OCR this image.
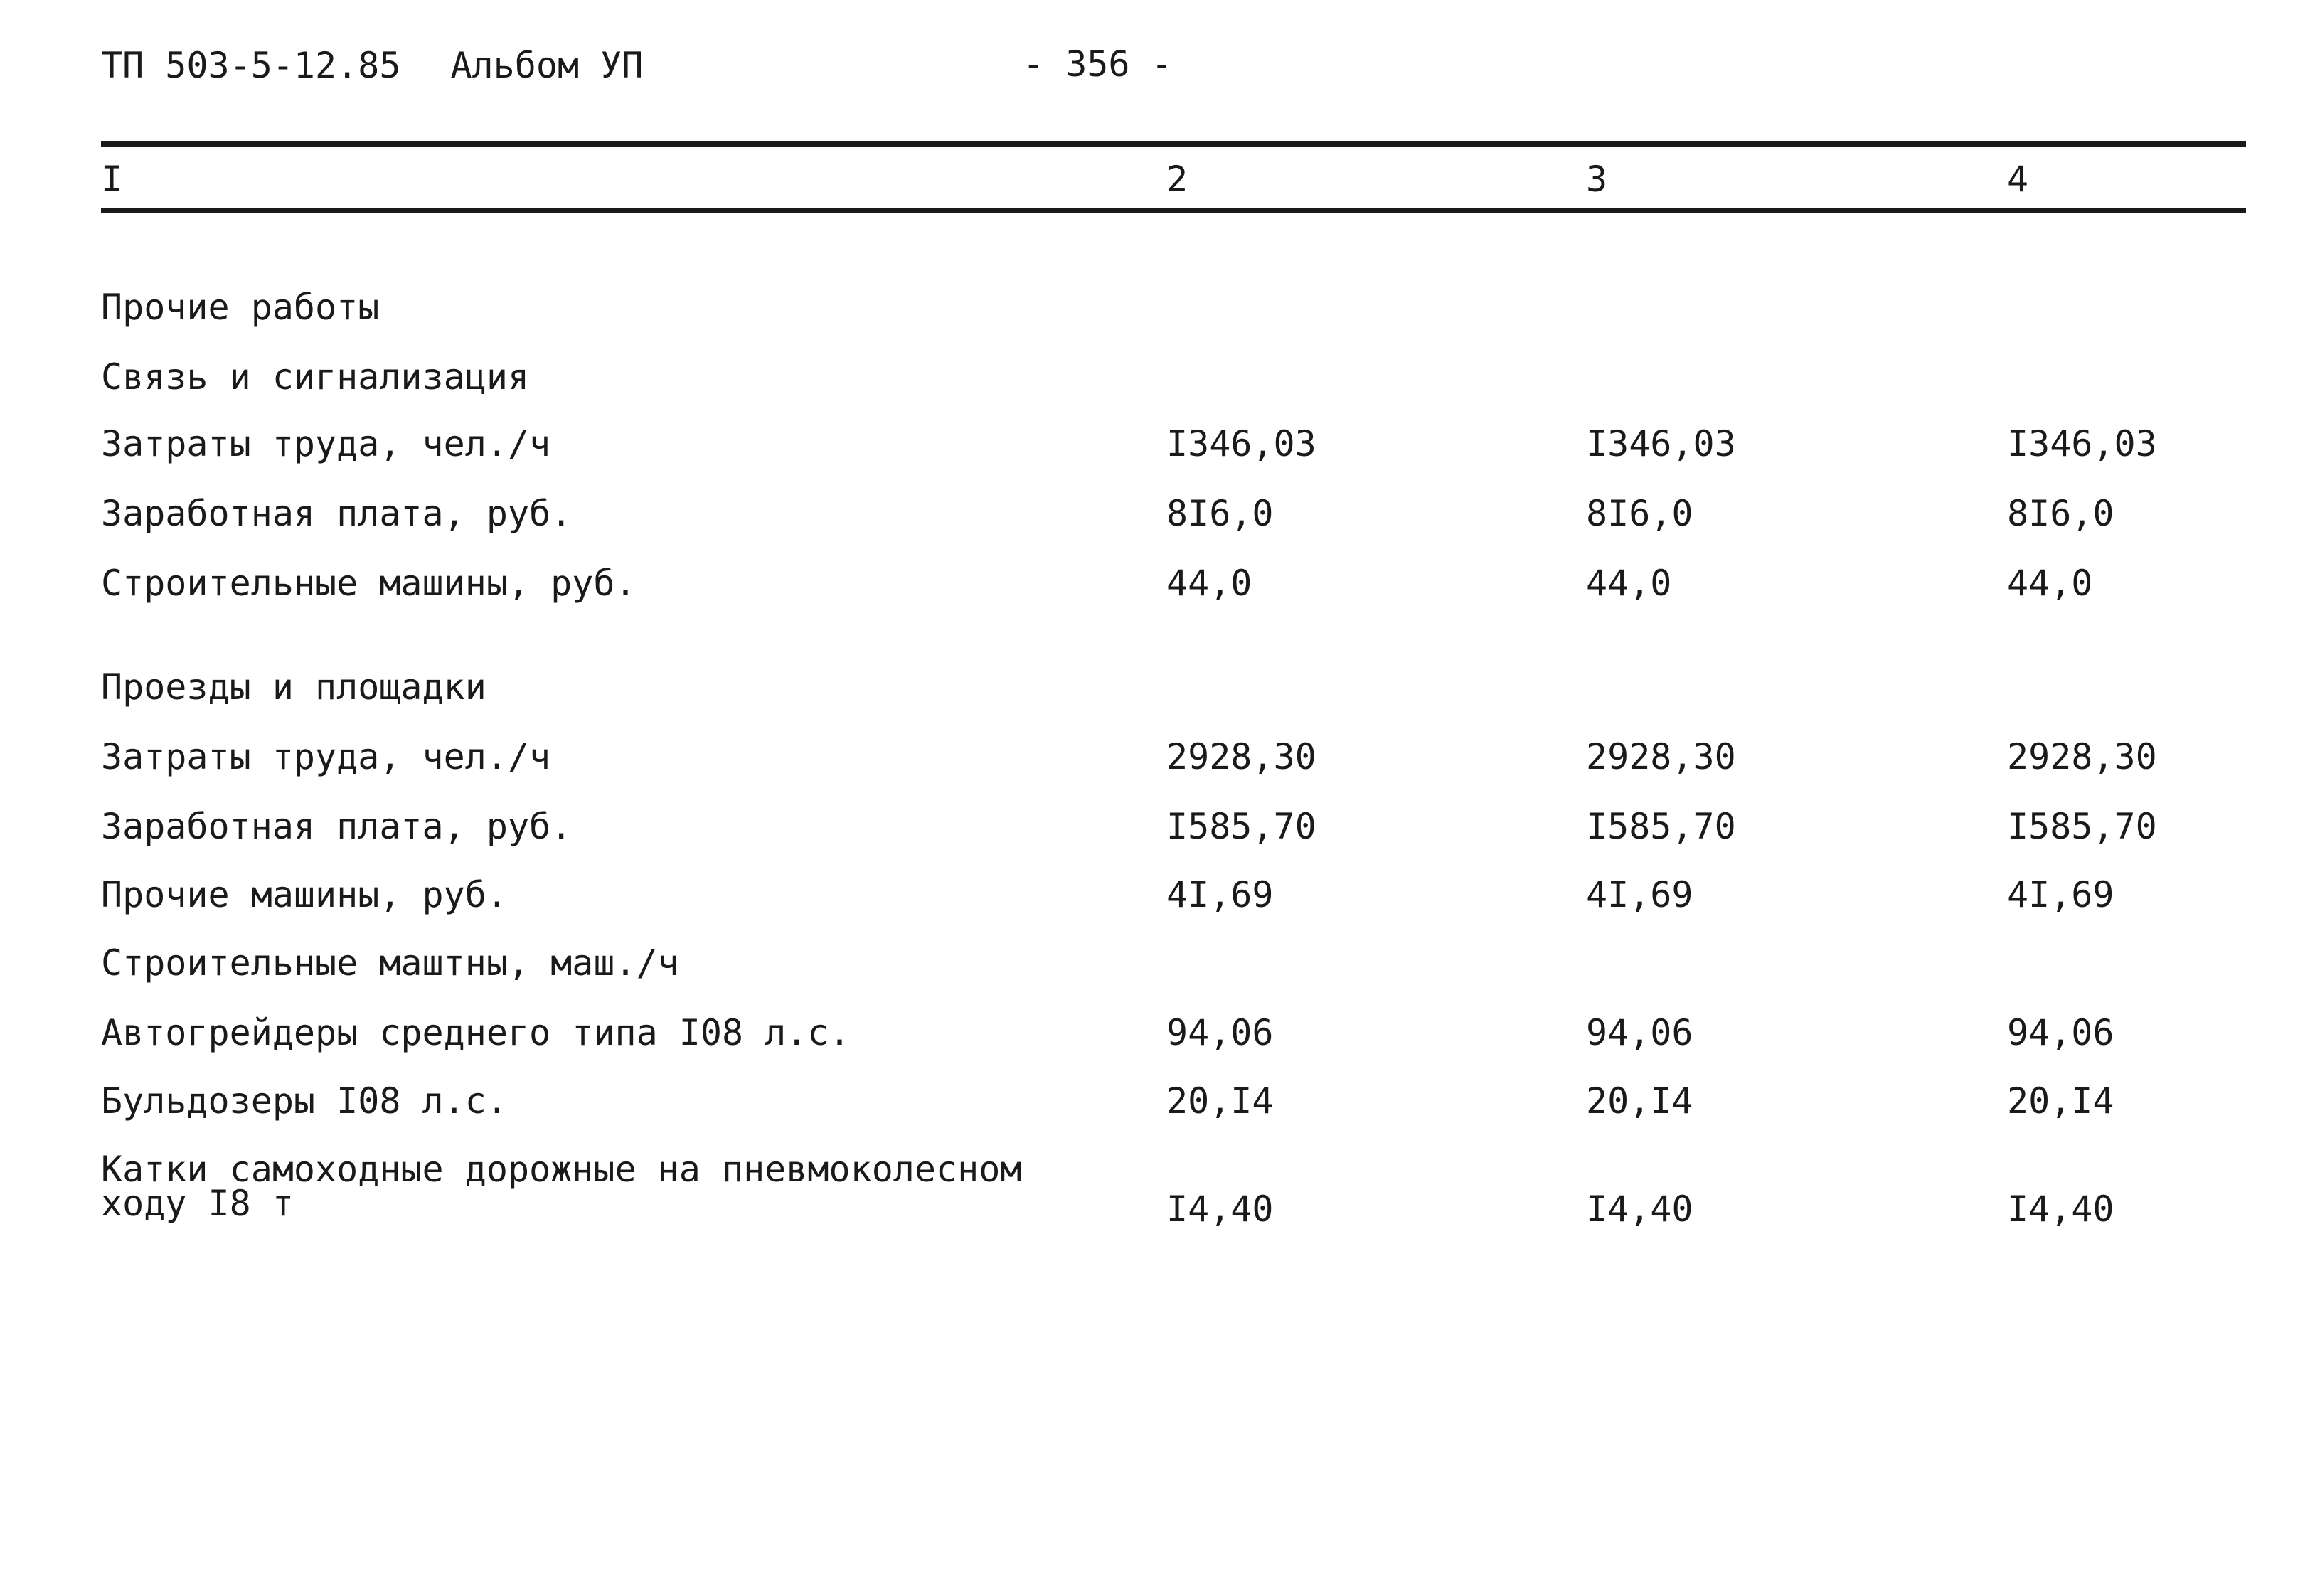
ТП 503-5-12.85 Альбом УП	- 356 -
I	2	3	4
Прочие работы
Связь и сигнализация
Затраты труда, чел./ч	I346,03	I346,03	I346,03
Заработная плата, руб.	8I6,0	8I6,0	8I6,0
Строительные машины, руб.	44,0	44,0	44,0
Проезды и площадки
Затраты труда, чел./ч	2928,30	2928,30	2928,30
Заработная плата, руб.	I585,70	I585,70	I585,70
Прочие машины, руб.	4I,69	4I,69	4I,69
Строительные маштны, маш./ч
Автогрейдеры среднего типа I08 л.с.	94,06	94,06	94,06
Бульдозеры I08 л.с.	20,I4	20,I4	20,I4
Катки самоходные дорожные на пневмоколесном
ходу I8 т	I4,40	I4,40	I4,40
